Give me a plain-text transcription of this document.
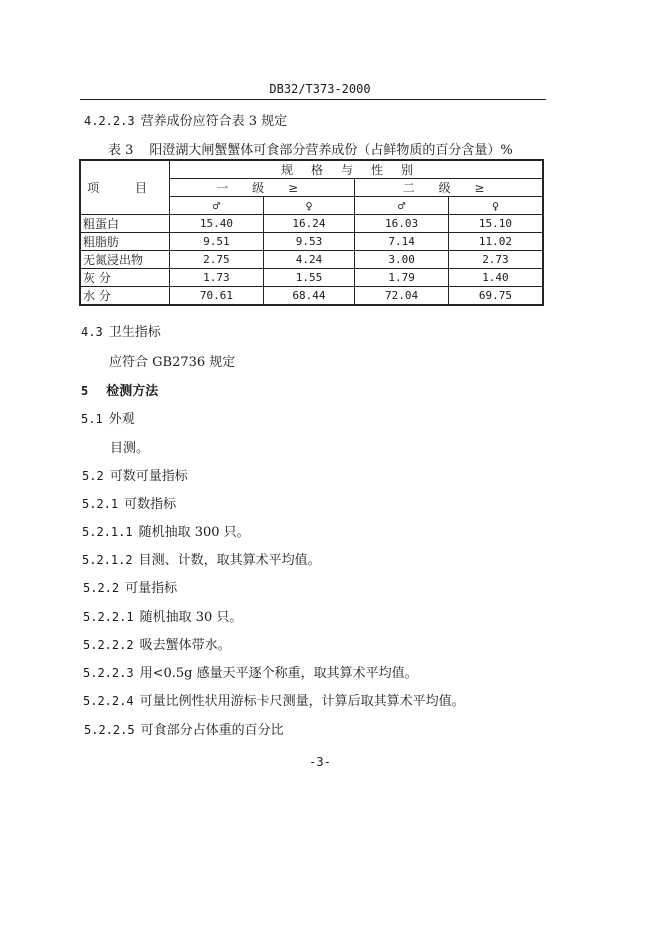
DB32/T373-2000
4.2.2.3 营养成份应符合表 3 规定
表 3 阳澄湖大闸蟹蟹体可食部分营养成份（占鲜物质的百分含量）%
项 目	规格与性别			
	一 级 ≥		二 级 ≥	
	♂	♀	♂	♀
粗蛋白	15.40	16.24	16.03	15.10
粗脂肪	9.51	9.53	7.14	11.02
无氮浸出物	2.75	4.24	3.00	2.73
灰 分	1.73	1.55	1.79	1.40
水 分	70.61	68.44	72.04	69.75
4.3 卫生指标
应符合 GB2736 规定
5 检测方法
5.1 外观
目测。
5.2 可数可量指标
5.2.1 可数指标
5.2.1.1 随机抽取 300 只。
5.2.1.2 目测、计数，取其算术平均值。
5.2.2 可量指标
5.2.2.1 随机抽取 30 只。
5.2.2.2 吸去蟹体带水。
5.2.2.3 用<0.5g 感量天平逐个称重，取其算术平均值。
5.2.2.4 可量比例性状用游标卡尺测量，计算后取其算术平均值。
5.2.2.5 可食部分占体重的百分比
-3-
